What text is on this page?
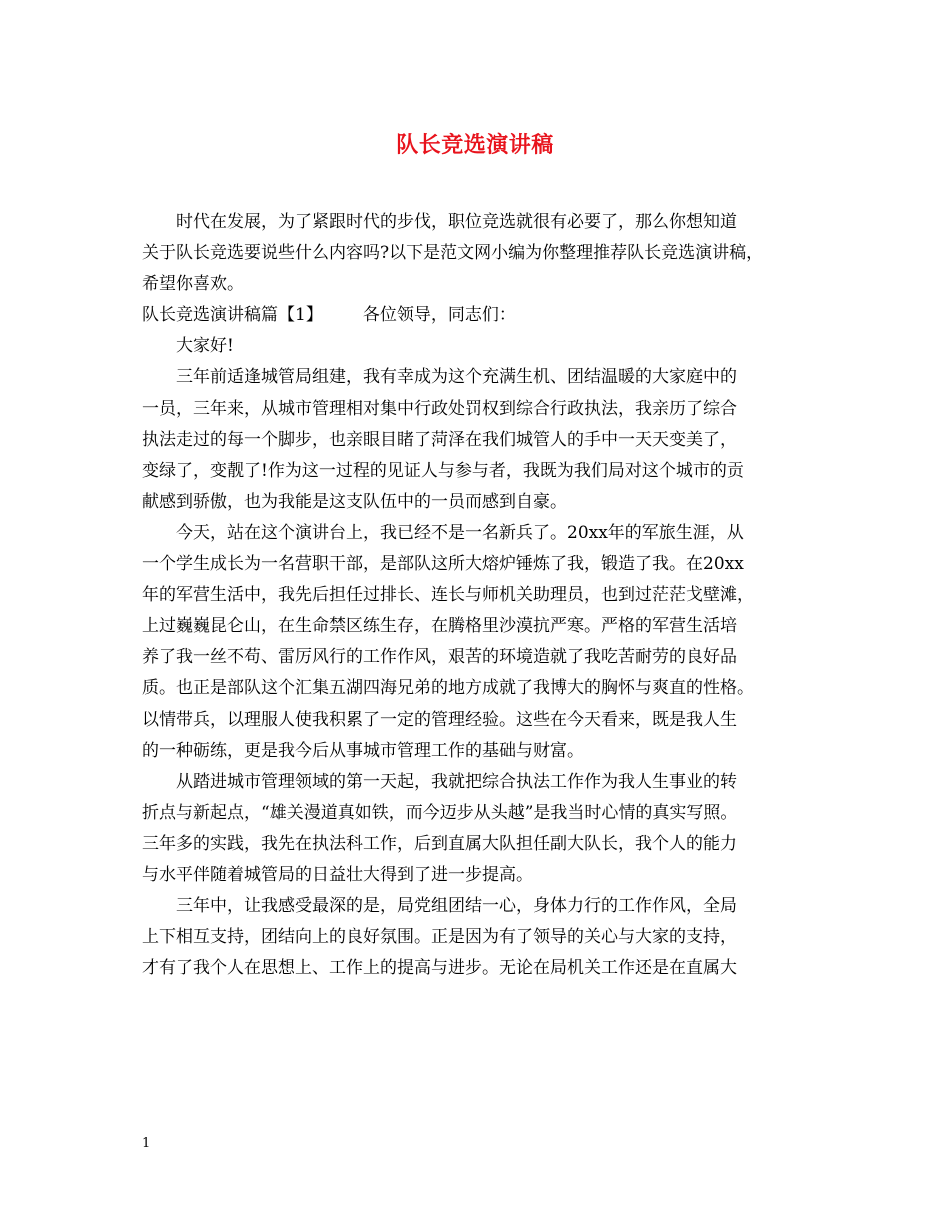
队长竞选演讲稿
时代在发展，为了紧跟时代的步伐，职位竞选就很有必要了，那么你想知道
关于队长竞选要说些什么内容吗?以下是范文网小编为你整理推荐队长竞选演讲稿，
希望你喜欢。
队长竞选演讲稿篇【1】 各位领导，同志们：
大家好!
三年前适逢城管局组建，我有幸成为这个充满生机、团结温暖的大家庭中的
一员，三年来，从城市管理相对集中行政处罚权到综合行政执法，我亲历了综合
执法走过的每一个脚步，也亲眼目睹了菏泽在我们城管人的手中一天天变美了，
变绿了，变靓了!作为这一过程的见证人与参与者，我既为我们局对这个城市的贡
献感到骄傲，也为我能是这支队伍中的一员而感到自豪。
今天，站在这个演讲台上，我已经不是一名新兵了。20xx年的军旅生涯，从
一个学生成长为一名营职干部，是部队这所大熔炉锤炼了我，锻造了我。在20xx
年的军营生活中，我先后担任过排长、连长与师机关助理员，也到过茫茫戈壁滩，
上过巍巍昆仑山，在生命禁区练生存，在腾格里沙漠抗严寒。严格的军营生活培
养了我一丝不苟、雷厉风行的工作作风，艰苦的环境造就了我吃苦耐劳的良好品
质。也正是部队这个汇集五湖四海兄弟的地方成就了我博大的胸怀与爽直的性格。
以情带兵，以理服人使我积累了一定的管理经验。这些在今天看来，既是我人生
的一种砺练，更是我今后从事城市管理工作的基础与财富。
从踏进城市管理领域的第一天起，我就把综合执法工作作为我人生事业的转
折点与新起点，“雄关漫道真如铁，而今迈步从头越”是我当时心情的真实写照。
三年多的实践，我先在执法科工作，后到直属大队担任副大队长，我个人的能力
与水平伴随着城管局的日益壮大得到了进一步提高。
三年中，让我感受最深的是，局党组团结一心，身体力行的工作作风，全局
上下相互支持，团结向上的良好氛围。正是因为有了领导的关心与大家的支持，
才有了我个人在思想上、工作上的提高与进步。无论在局机关工作还是在直属大
1
